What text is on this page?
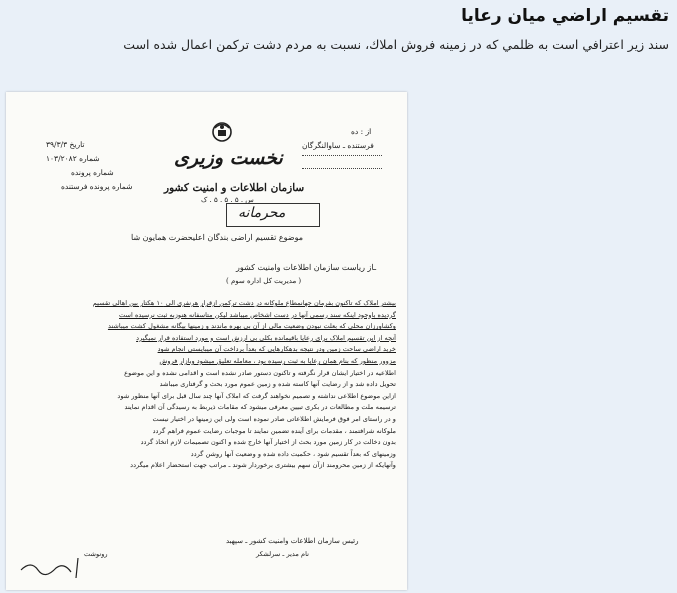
تقسيم اراضي ميان رعايا
سند زير اعترافي است به ظلمي كه در زمينه فروش املاك، نسبت به مردم دشت تركمن اعمال شده است
نخست وزیری
سازمان اطلاعات و امنیت کشور
س . ۵ . ۵ . ۵ . ک
تاریخ ۳۹/۳/۳
شماره ۱۰۳/۲۰۸۲
شماره پرونده
شماره پرونده فرستنده
از : ده
فرستنده ـ ساوالنگرگان
محرمانه
موضوع تقسیم اراضی بندگان اعلیحضرت همایون شا
ـاز ریاست سازمان اطلاعات وامنیت کشور
( مدیریت کل اداره سوم )
بیشتر املاک که تاکنون بفرمان جهانمطاع ملوکانه در دشت ترکمن ازقرار هرنفری الی ۱۰ هکتار بین اهالی تقسیم
گردیده باوجود اینکه سند رسمی آنها در دست اشخاص میباشد لیکن متاسفانه هنوزبه ثبت نرسیده است
وکشاورزان محلی که بعلت نبودن وضعیت مالی از آن بی بهره ماندند و زمینها بیگانه مشغول کشت میباشند
آنچه از این تقسیم املاک برای رعایا باقیمانده بکلی بی ارزش است و مورد استفاده قرار نمیگیرد
خرید اراضی ساحت زمین ودر نتیجه بدهکارهایی که بعداً برداخت آن میبایستی انجام شود
مزوور منظور که بنام همان رعایا به ثبت رسیده بود ، معامله تعلیق میشود وبازار فروش
اطلاعیه در اختیار ایشان قرار نگرفته و تاکنون دستور صادر نشده است و اقدامی نشده و این موضوع
تحویل داده شد و از رضایت آنها کاسته شده و زمین عموم مورد بحث و گرفتاری میباشد
ازاین موضوع اطلاعی نداشته و تصمیم نخواهند گرفت که املاک آنها چند سال قبل برای آنها منظور شود
ترسیمه ملت و مطالعات در بکری تبیین معرفی میشود که مقامات ذیربط به رسیدگی آن اقدام نمایند
و در راستای امر فوق فرمایش اطلاعاتی صادر نموده است ولی این زمینها در اختیار نیست
ملوکانه شرافتمند ، مقدمات برای آینده تضمین نمایند تا موجبات رضایت عموم فراهم گردد
بدون دخالت در کار زمین مورد بحث از اختیار آنها خارج شده و اکنون تصمیمات لازم اتخاذ گردد
وزمینهای که بعداً تقسیم شود ، حکمیت داده شده و وضعیت آنها روشن گردد
وآنهایکه از زمین محرومند ازآن سهم بیشتری برخوردار شوند ـ مراتب جهت استحضار اعلام میگردد
رئیس سازمان اطلاعات وامنیت کشور ـ سپهبد
نام مدیر ـ سرلشکر
رونوشت
